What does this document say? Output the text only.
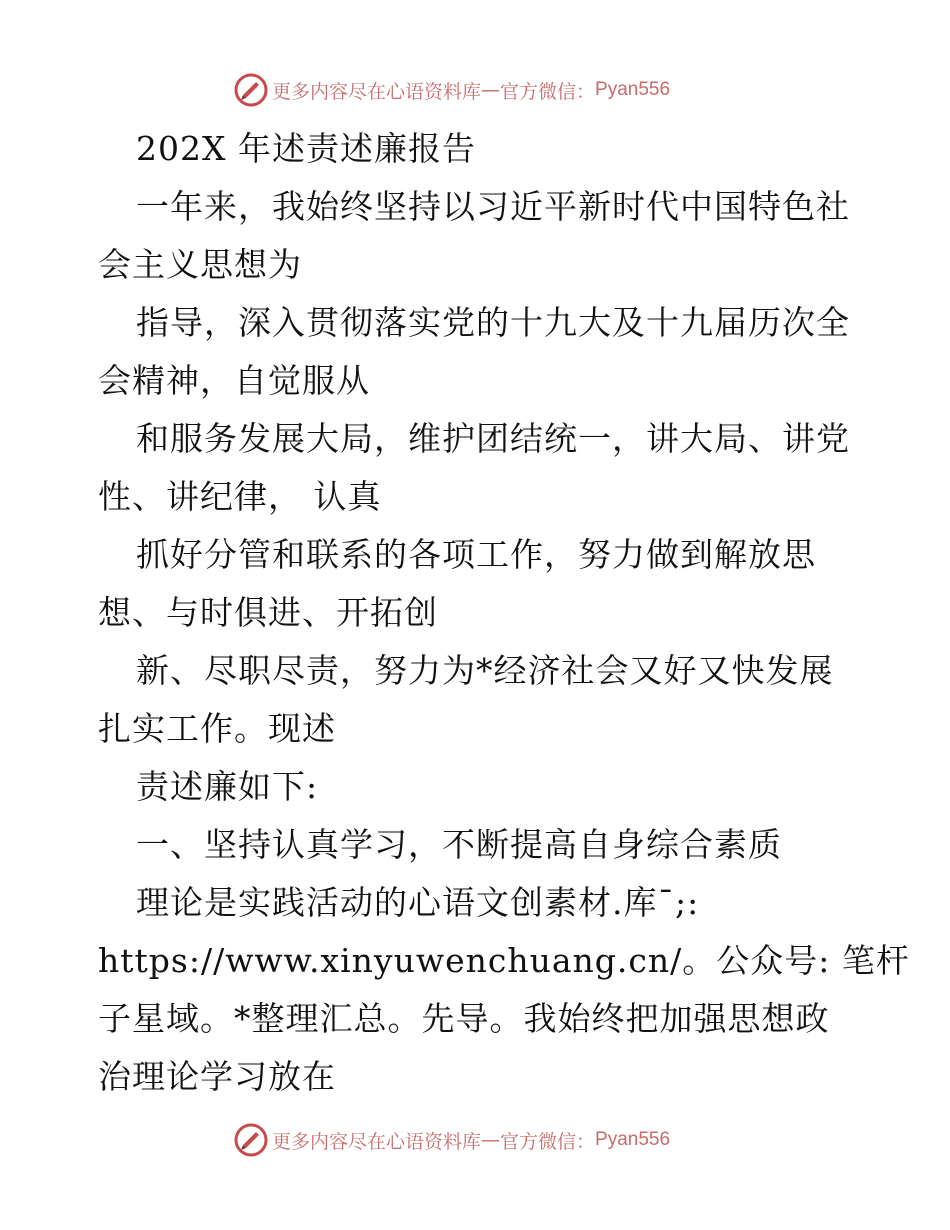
更多内容尽在心语资料库 — 官方微信： Pyan556
202X 年述责述廉报告
一年来，我始终坚持以习近平新时代中国特色社
会主义思想为
指导，深入贯彻落实党的十九大及十九届历次全
会精神，自觉服从
和服务发展大局，维护团结统一，讲大局、讲党
性、讲纪律， 认真
抓好分管和联系的各项工作，努力做到解放思
想、与时俱进、开拓创
新、尽职尽责，努力为*经济社会又好又快发展
扎实工作。现述
责述廉如下:
一、坚持认真学习，不断提高自身综合素质
理论是实践活动的心语文创素材.库¯;:
https://www.xinyuwenchuang.cn/。公众号: 笔杆
子星域。*整理汇总。先导。我始终把加强思想政
治理论学习放在
更多内容尽在心语资料库 — 官方微信： Pyan556
